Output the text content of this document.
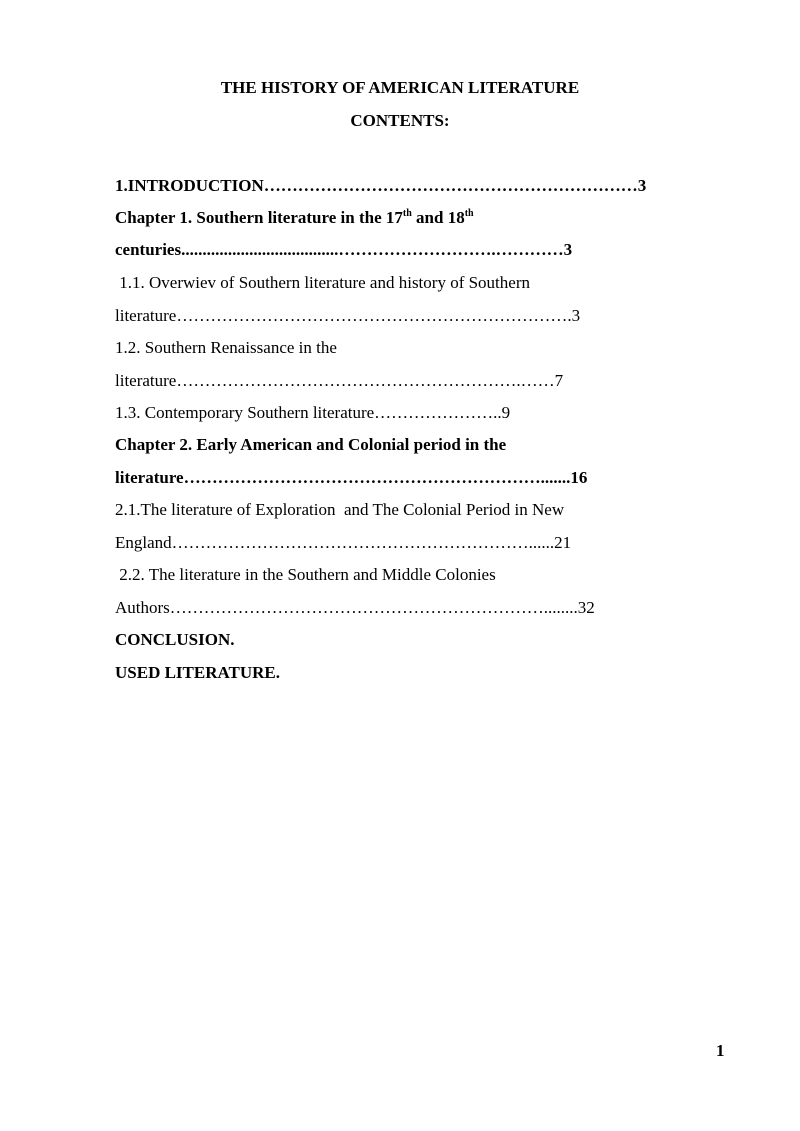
THE HISTORY OF AMERICAN LITERATURE
CONTENTS:
1.INTRODUCTION…………………………………………………………3
Chapter 1. Southern literature in the 17th and 18th
centuries.....................................……………………….…………3
1.1. Overwiev of Southern literature and history of Southern
literature…………………………………………………………….3
1.2. Southern Renaissance in the
literature…………………………………………………….……7
1.3. Contemporary Southern literature…………………..9
Chapter 2. Early American and Colonial period in the
literature……………………………………………………….......16
2.1.The literature of Exploration  and The Colonial Period in New
England………………………………………………………......21
2.2. The literature in the Southern and Middle Colonies
Authors…………………………………………………………........32
CONCLUSION.
USED LITERATURE.
1
